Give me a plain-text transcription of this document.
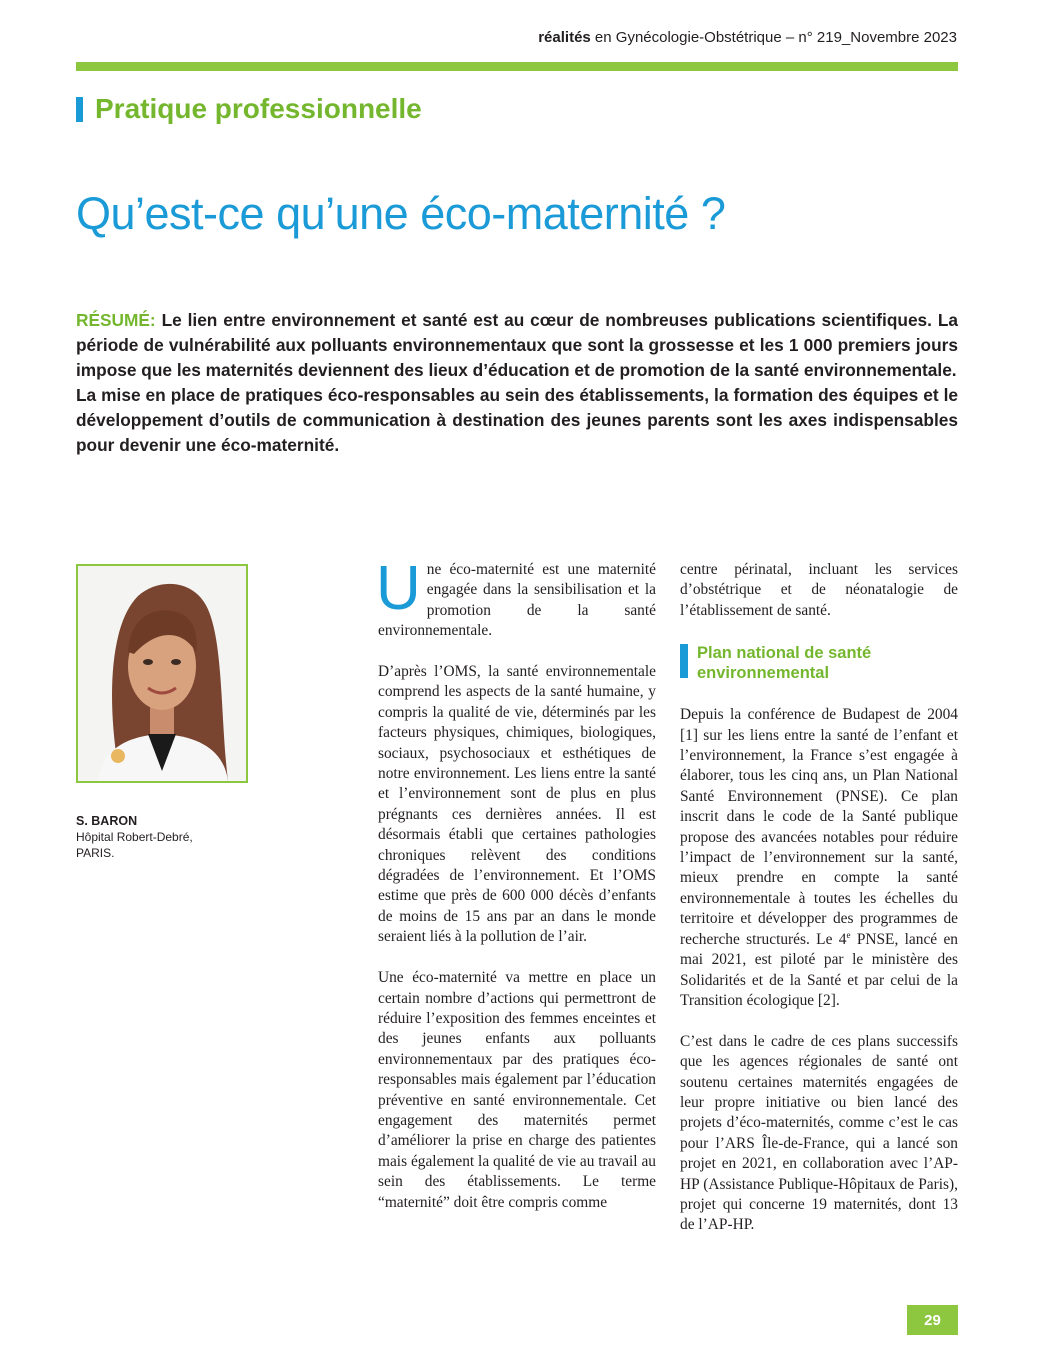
réalités en Gynécologie-Obstétrique – n° 219_Novembre 2023
Pratique professionnelle
Qu’est-ce qu’une éco-maternité ?

RÉSUMÉ: Le lien entre environnement et santé est au cœur de nombreuses publications scientifiques. La période de vulnérabilité aux polluants environnementaux que sont la grossesse et les 1 000 premiers jours impose que les maternités deviennent des lieux d’éducation et de promotion de la santé environnementale.

La mise en place de pratiques éco-responsables au sein des établissements, la formation des équipes et le développement d’outils de communication à destination des jeunes parents sont les axes indispensables pour devenir une éco-maternité.

S. BARON
Hôpital Robert-Debré,
PARIS.

Une éco-maternité est une maternité engagée dans la sensibilisation et la promotion de la santé environnementale.

D’après l’OMS, la santé environnementale comprend les aspects de la santé humaine, y compris la qualité de vie, déterminés par les facteurs physiques, chimiques, biologiques, sociaux, psychosociaux et esthétiques de notre environnement. Les liens entre la santé et l’environnement sont de plus en plus prégnants ces dernières années. Il est désormais établi que certaines pathologies chroniques relèvent des conditions dégradées de l’environnement. Et l’OMS estime que près de 600 000 décès d’enfants de moins de 15 ans par an dans le monde seraient liés à la pollution de l’air.

Une éco-maternité va mettre en place un certain nombre d’actions qui permettront de réduire l’exposition des femmes enceintes et des jeunes enfants aux polluants environnementaux par des pratiques éco-responsables mais également par l’éducation préventive en santé environnementale. Cet engagement des maternités permet d’améliorer la prise en charge des patientes mais également la qualité de vie au travail au sein des établissements. Le terme “maternité” doit être compris comme

centre périnatal, incluant les services d’obstétrique et de néonatalogie de l’établissement de santé.

Plan national de santé environnemental

Depuis la conférence de Budapest de 2004 [1] sur les liens entre la santé de l’enfant et l’environnement, la France s’est engagée à élaborer, tous les cinq ans, un Plan National Santé Environnement (PNSE). Ce plan inscrit dans le code de la Santé publique propose des avancées notables pour réduire l’impact de l’environnement sur la santé, mieux prendre en compte la santé environnementale à toutes les échelles du territoire et développer des programmes de recherche structurés. Le 4e PNSE, lancé en mai 2021, est piloté par le ministère des Solidarités et de la Santé et par celui de la Transition écologique [2].

C’est dans le cadre de ces plans successifs que les agences régionales de santé ont soutenu certaines maternités engagées de leur propre initiative ou bien lancé des projets d’éco-maternités, comme c’est le cas pour l’ARS Île-de-France, qui a lancé son projet en 2021, en collaboration avec l’AP-HP (Assistance Publique-Hôpitaux de Paris), projet qui concerne 19 maternités, dont 13 de l’AP-HP.

29
